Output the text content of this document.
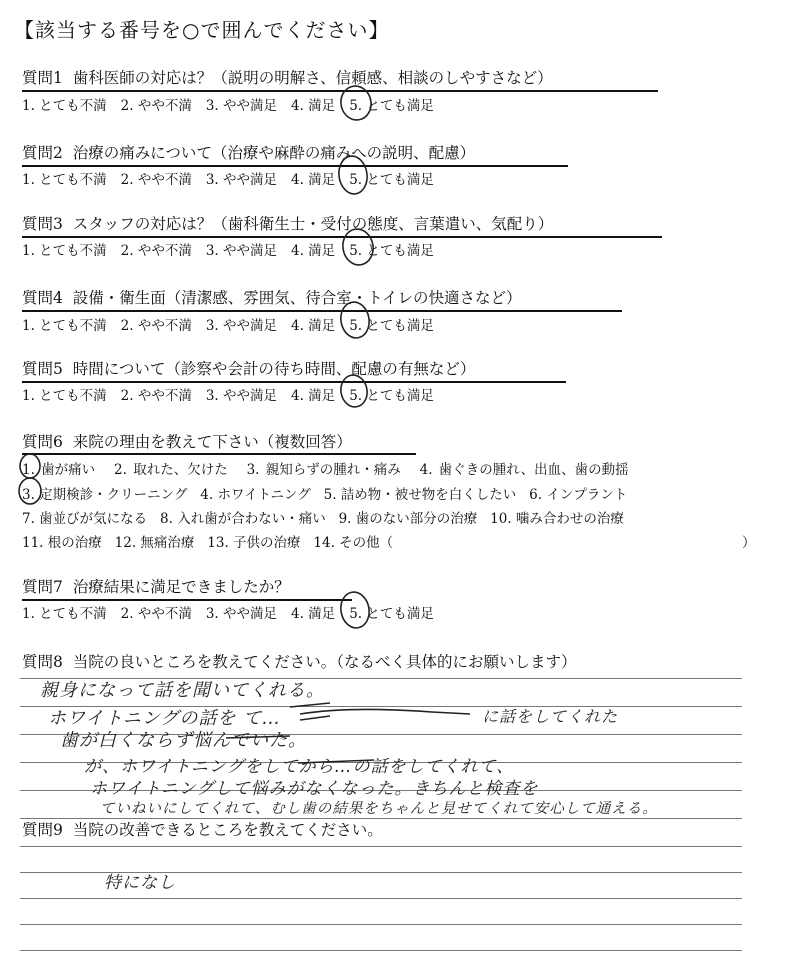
【該当する番号を○で囲んでください】
質問1 歯科医師の対応は？（説明の明解さ、信頼感、相談のしやすさなど）
1. とても不満 2. やや不満 3. やや満足 4. 満足 5. とても満足
質問2 治療の痛みについて（治療や麻酔の痛みへの説明、配慮）
1. とても不満 2. やや不満 3. やや満足 4. 満足 5. とても満足
質問3 スタッフの対応は？（歯科衛生士・受付の態度、言葉遣い、気配り）
1. とても不満 2. やや不満 3. やや満足 4. 満足 5. とても満足
質問4 設備・衛生面（清潔感、雰囲気、待合室・トイレの快適さなど）
1. とても不満 2. やや不満 3. やや満足 4. 満足 5. とても満足
質問5 時間について（診察や会計の待ち時間、配慮の有無など）
1. とても不満 2. やや不満 3. やや満足 4. 満足 5. とても満足
質問6 来院の理由を教えて下さい（複数回答）
1. 歯が痛い 2. 取れた、欠けた 3. 親知らずの腫れ・痛み 4. 歯ぐきの腫れ、出血、歯の動揺
3. 定期検診・クリーニング 4. ホワイトニング 5. 詰め物・被せ物を白くしたい 6. インプラント
7. 歯並びが気になる 8. 入れ歯が合わない・痛い 9. 歯のない部分の治療 10. 噛み合わせの治療
11. 根の治療 12. 無痛治療 13. 子供の治療 14. その他（	）
質問7 治療結果に満足できましたか？
1. とても不満 2. やや不満 3. やや満足 4. 満足 5. とても満足
質問8 当院の良いところを教えてください。（なるべく具体的にお願いします）
親身になって話を聞いてくれる。
ホワイトニングの話を て…	に話をしてくれた
歯が白くならず悩んでいた。
が、ホワイトニングをしてから…の話をしてくれて、
ホワイトニングして悩みがなくなった。きちんと検査を
ていねいにしてくれて、むし歯の結果をちゃんと見せてくれて安心して通える。
質問9 当院の改善できるところを教えてください。
特になし
